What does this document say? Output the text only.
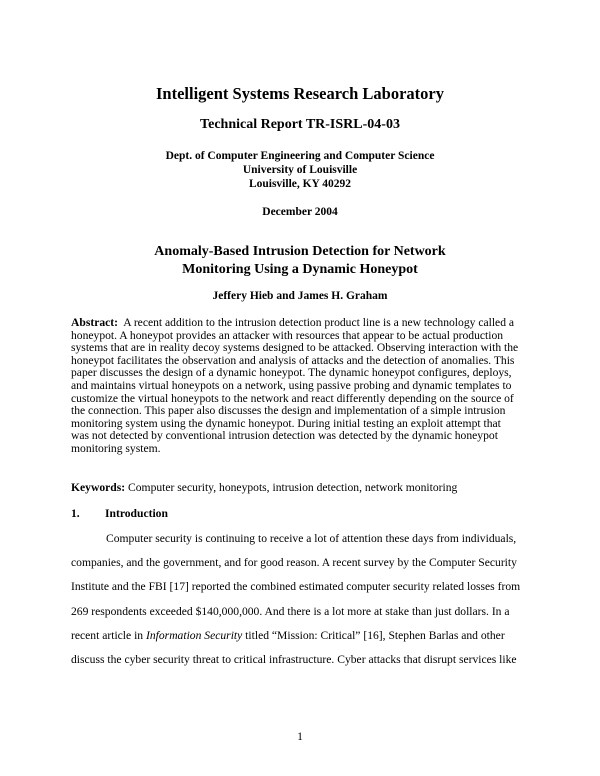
Intelligent Systems Research Laboratory
Technical Report TR-ISRL-04-03
Dept. of Computer Engineering and Computer Science
University of Louisville
Louisville, KY 40292
December 2004
Anomaly-Based Intrusion Detection for Network
Monitoring Using a Dynamic Honeypot
Jeffery Hieb and James H. Graham
Abstract: A recent addition to the intrusion detection product line is a new technology called a
honeypot. A honeypot provides an attacker with resources that appear to be actual production
systems that are in reality decoy systems designed to be attacked. Observing interaction with the
honeypot facilitates the observation and analysis of attacks and the detection of anomalies. This
paper discusses the design of a dynamic honeypot. The dynamic honeypot configures, deploys,
and maintains virtual honeypots on a network, using passive probing and dynamic templates to
customize the virtual honeypots to the network and react differently depending on the source of
the connection. This paper also discusses the design and implementation of a simple intrusion
monitoring system using the dynamic honeypot. During initial testing an exploit attempt that
was not detected by conventional intrusion detection was detected by the dynamic honeypot
monitoring system.
Keywords: Computer security, honeypots, intrusion detection, network monitoring
1. Introduction
Computer security is continuing to receive a lot of attention these days from individuals,
companies, and the government, and for good reason. A recent survey by the Computer Security
Institute and the FBI [17] reported the combined estimated computer security related losses from
269 respondents exceeded $140,000,000. And there is a lot more at stake than just dollars. In a
recent article in Information Security titled “Mission: Critical” [16], Stephen Barlas and other
discuss the cyber security threat to critical infrastructure. Cyber attacks that disrupt services like
1
